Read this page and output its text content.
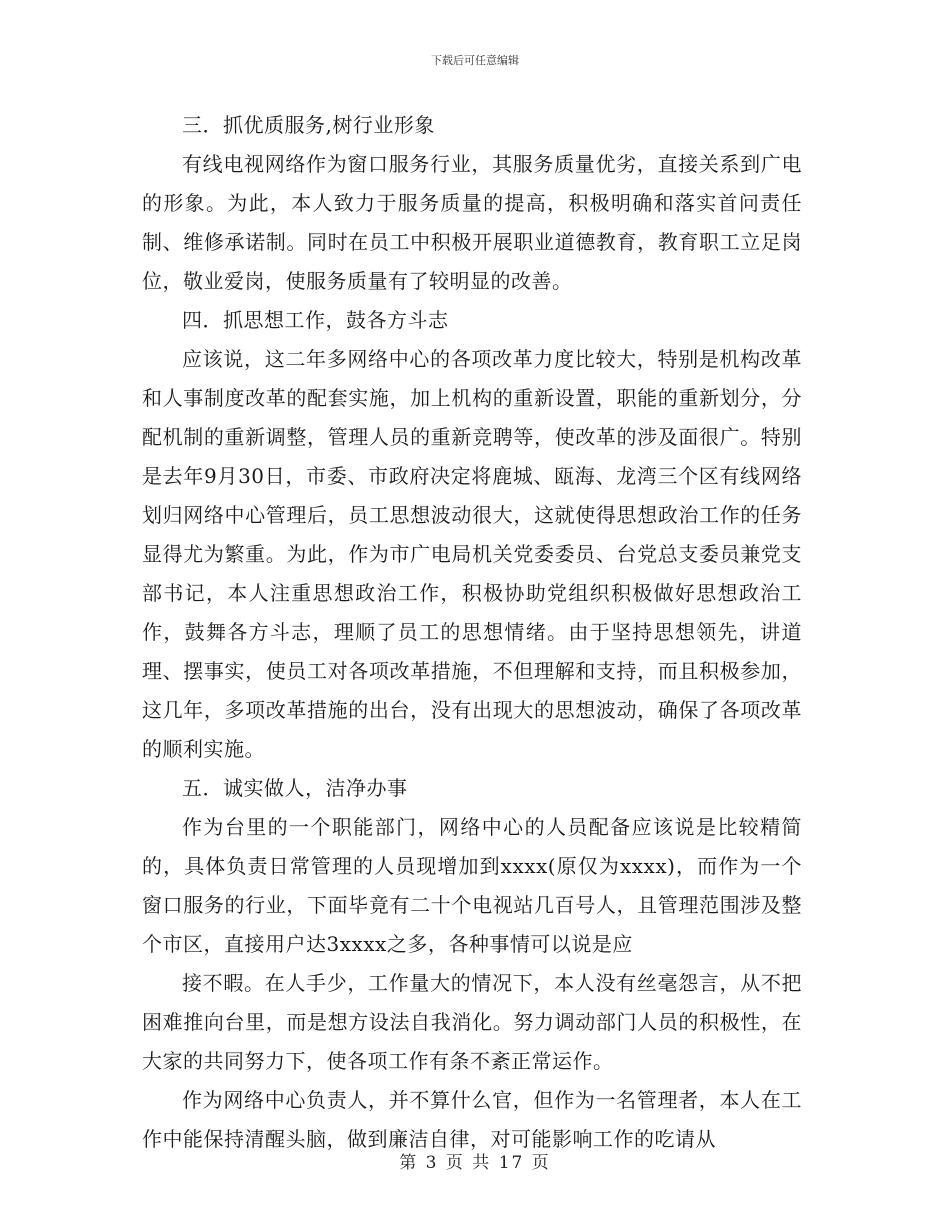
下载后可任意编辑

三．抓优质服务,树行业形象

有线电视网络作为窗口服务行业，其服务质量优劣，直接关系到广电的形象。为此，本人致力于服务质量的提高，积极明确和落实首问责任制、维修承诺制。同时在员工中积极开展职业道德教育，教育职工立足岗位，敬业爱岗，使服务质量有了较明显的改善。

四．抓思想工作，鼓各方斗志

应该说，这二年多网络中心的各项改革力度比较大，特别是机构改革和人事制度改革的配套实施，加上机构的重新设置，职能的重新划分，分配机制的重新调整，管理人员的重新竞聘等，使改革的涉及面很广。特别是去年9月30日，市委、市政府决定将鹿城、瓯海、龙湾三个区有线网络划归网络中心管理后，员工思想波动很大，这就使得思想政治工作的任务显得尤为繁重。为此，作为市广电局机关党委委员、台党总支委员兼党支部书记，本人注重思想政治工作，积极协助党组织积极做好思想政治工作，鼓舞各方斗志，理顺了员工的思想情绪。由于坚持思想领先，讲道理、摆事实，使员工对各项改革措施，不但理解和支持，而且积极参加，这几年，多项改革措施的出台，没有出现大的思想波动，确保了各项改革的顺利实施。

五．诚实做人，洁净办事

作为台里的一个职能部门，网络中心的人员配备应该说是比较精简的，具体负责日常管理的人员现增加到xxxx(原仅为xxxx)，而作为一个窗口服务的行业，下面毕竟有二十个电视站几百号人，且管理范围涉及整个市区，直接用户达3xxxx之多，各种事情可以说是应

接不暇。在人手少，工作量大的情况下，本人没有丝毫怨言，从不把困难推向台里，而是想方设法自我消化。努力调动部门人员的积极性，在大家的共同努力下，使各项工作有条不紊正常运作。

作为网络中心负责人，并不算什么官，但作为一名管理者，本人在工作中能保持清醒头脑，做到廉洁自律，对可能影响工作的吃请从

第 3 页 共 17 页
